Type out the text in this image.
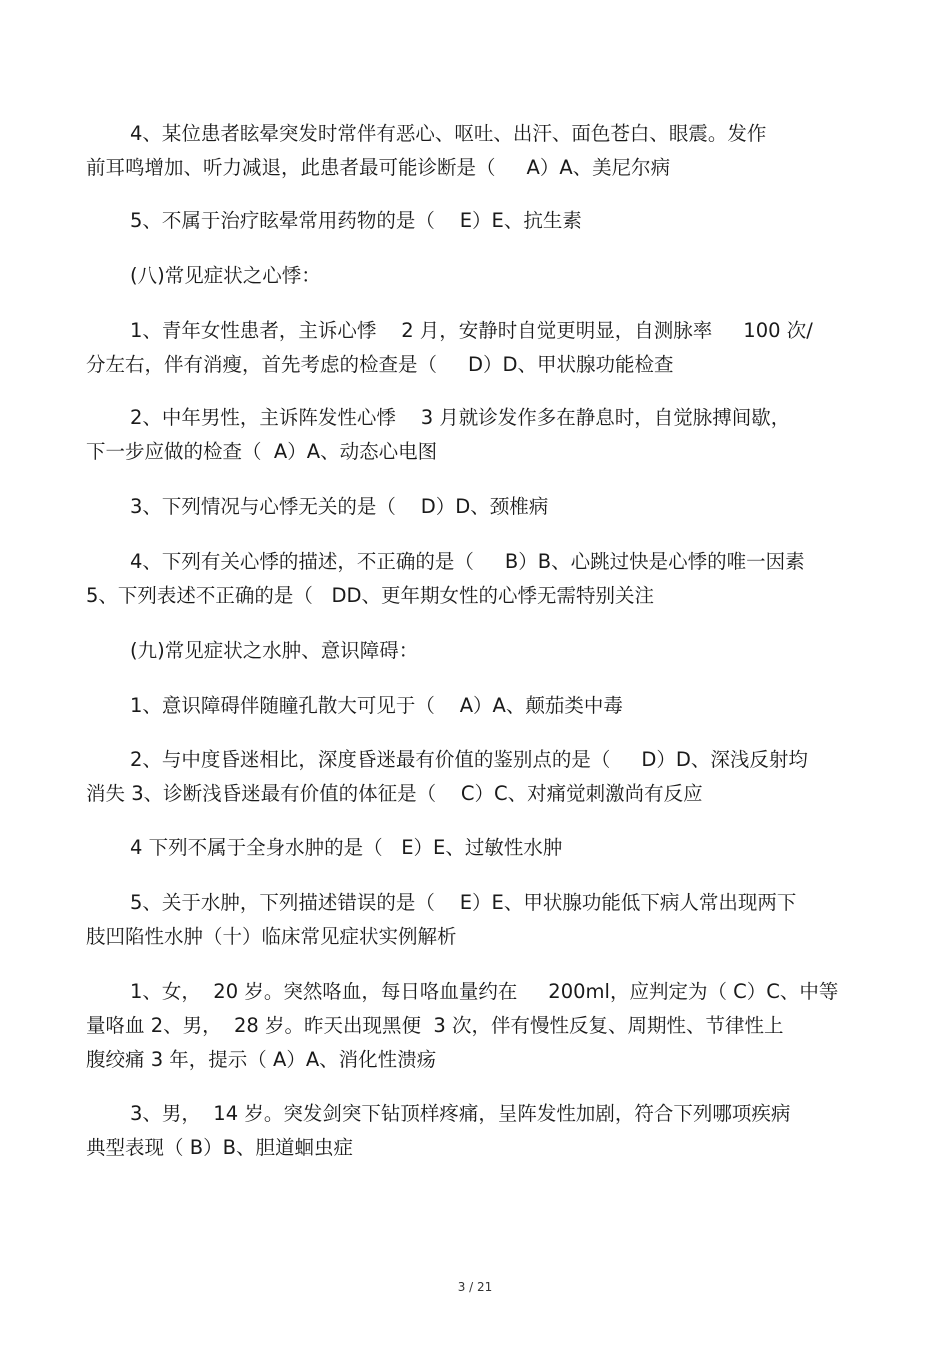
4、某位患者眩晕突发时常伴有恶心、呕吐、出汗、面色苍白、眼震。发作
前耳鸣增加、听力减退，此患者最可能诊断是（     A）A、美尼尔病
5、不属于治疗眩晕常用药物的是（    E）E、抗生素
(八)常见症状之心悸：
1、青年女性患者，主诉心悸    2 月，安静时自觉更明显，自测脉率     100 次/
分左右，伴有消瘦，首先考虑的检查是（     D）D、甲状腺功能检查
2、中年男性，主诉阵发性心悸    3 月就诊发作多在静息时，自觉脉搏间歇，
下一步应做的检查（  A）A、动态心电图
3、下列情况与心悸无关的是（    D）D、颈椎病
4、下列有关心悸的描述，不正确的是（     B）B、心跳过快是心悸的唯一因素
5、下列表述不正确的是（   DD、更年期女性的心悸无需特别关注
(九)常见症状之水肿、意识障碍：
1、意识障碍伴随瞳孔散大可见于（    A）A、颠茄类中毒
2、与中度昏迷相比，深度昏迷最有价值的鉴别点的是（     D）D、深浅反射均
消失 3、诊断浅昏迷最有价值的体征是（    C）C、对痛觉刺激尚有反应
4 下列不属于全身水肿的是（   E）E、过敏性水肿
5、关于水肿，下列描述错误的是（    E）E、甲状腺功能低下病人常出现两下
肢凹陷性水肿（十）临床常见症状实例解析
1、女，  20 岁。突然咯血，每日咯血量约在     200ml，应判定为（ C）C、中等
量咯血 2、男，  28 岁。昨天出现黑便  3 次，伴有慢性反复、周期性、节律性上
腹绞痛 3 年，提示（ A）A、消化性溃疡
3、男，  14 岁。突发剑突下钻顶样疼痛，呈阵发性加剧，符合下列哪项疾病
典型表现（ B）B、胆道蛔虫症
3 / 21
